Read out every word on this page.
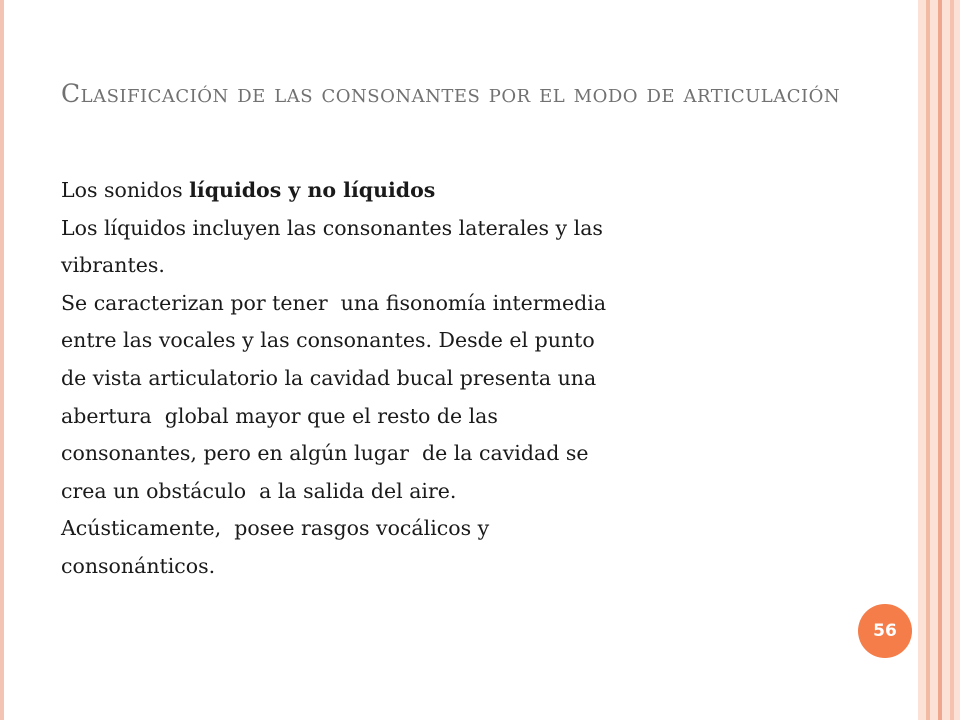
Clasificación de las consonantes por el modo de articulación
Los sonidos líquidos y no líquidos
Los líquidos incluyen las consonantes laterales y las
vibrantes.
Se caracterizan por tener  una fisonomía intermedia
entre las vocales y las consonantes. Desde el punto
de vista articulatorio la cavidad bucal presenta una
abertura  global mayor que el resto de las
consonantes, pero en algún lugar  de la cavidad se
crea un obstáculo  a la salida del aire.
Acústicamente,  posee rasgos vocálicos y
consonánticos.
56
